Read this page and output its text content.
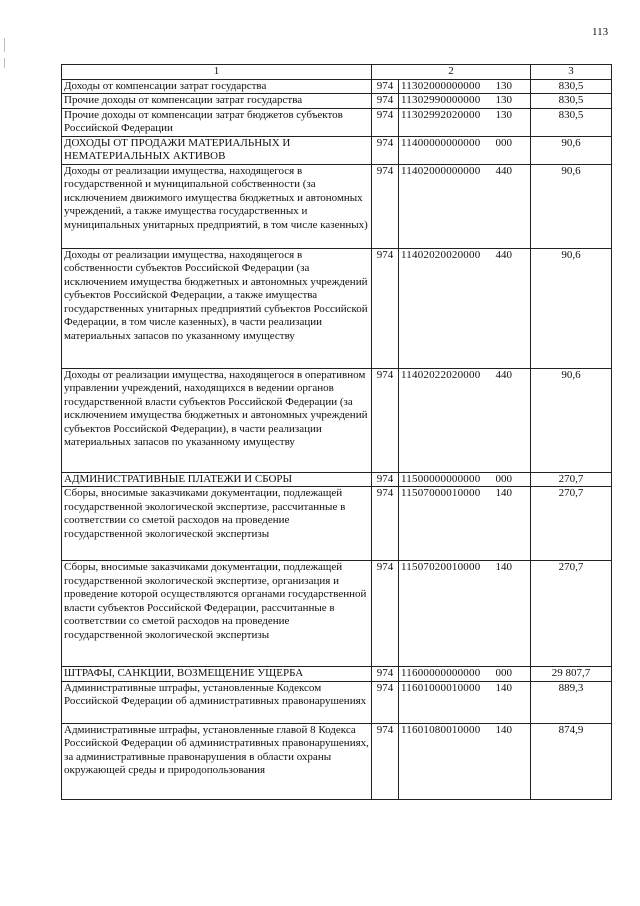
113
1	2			3
Доходы от компенсации затрат государства	974	11302000000000	130	830,5
Прочие доходы от компенсации затрат государства	974	11302990000000	130	830,5
Прочие доходы от компенсации затрат бюджетов субъектов Российской Федерации	974	11302992020000	130	830,5
ДОХОДЫ ОТ ПРОДАЖИ МАТЕРИАЛЬНЫХ И НЕМАТЕРИАЛЬНЫХ АКТИВОВ	974	11400000000000	000	90,6
Доходы от реализации имущества, находящегося в государственной и муниципальной собственности (за исключением движимого имущества бюджетных и автономных учреждений, а также имущества государственных и муниципальных унитарных предприятий, в том числе казенных)	974	11402000000000	440	90,6
Доходы от реализации имущества, находящегося в собственности субъектов Российской Федерации (за исключением имущества бюджетных и автономных учреждений субъектов Российской Федерации, а также имущества государственных унитарных предприятий субъектов Российской Федерации, в том числе казенных), в части реализации материальных запасов по указанному имуществу	974	11402020020000	440	90,6
Доходы от реализации имущества, находящегося в оперативном управлении учреждений, находящихся в ведении органов государственной власти субъектов Российской Федерации (за исключением имущества бюджетных и автономных учреждений субъектов Российской Федерации), в части реализации материальных запасов по указанному имуществу	974	11402022020000	440	90,6
АДМИНИСТРАТИВНЫЕ ПЛАТЕЖИ И СБОРЫ	974	11500000000000	000	270,7
Сборы, вносимые заказчиками документации, подлежащей государственной экологической экспертизе, рассчитанные в соответствии со сметой расходов на проведение государственной экологической экспертизы	974	11507000010000	140	270,7
Сборы, вносимые заказчиками документации, подлежащей государственной экологической экспертизе, организация и проведение которой осуществляются органами государственной власти субъектов Российской Федерации, рассчитанные в соответствии со сметой расходов на проведение государственной экологической экспертизы	974	11507020010000	140	270,7
ШТРАФЫ, САНКЦИИ, ВОЗМЕЩЕНИЕ УЩЕРБА	974	11600000000000	000	29 807,7
Административные штрафы, установленные Кодексом Российской Федерации об административных правонарушениях	974	11601000010000	140	889,3
Административные штрафы, установленные главой 8 Кодекса Российской Федерации об административных правонарушениях, за административные правонарушения в области охраны окружающей среды и природопользования	974	11601080010000	140	874,9
